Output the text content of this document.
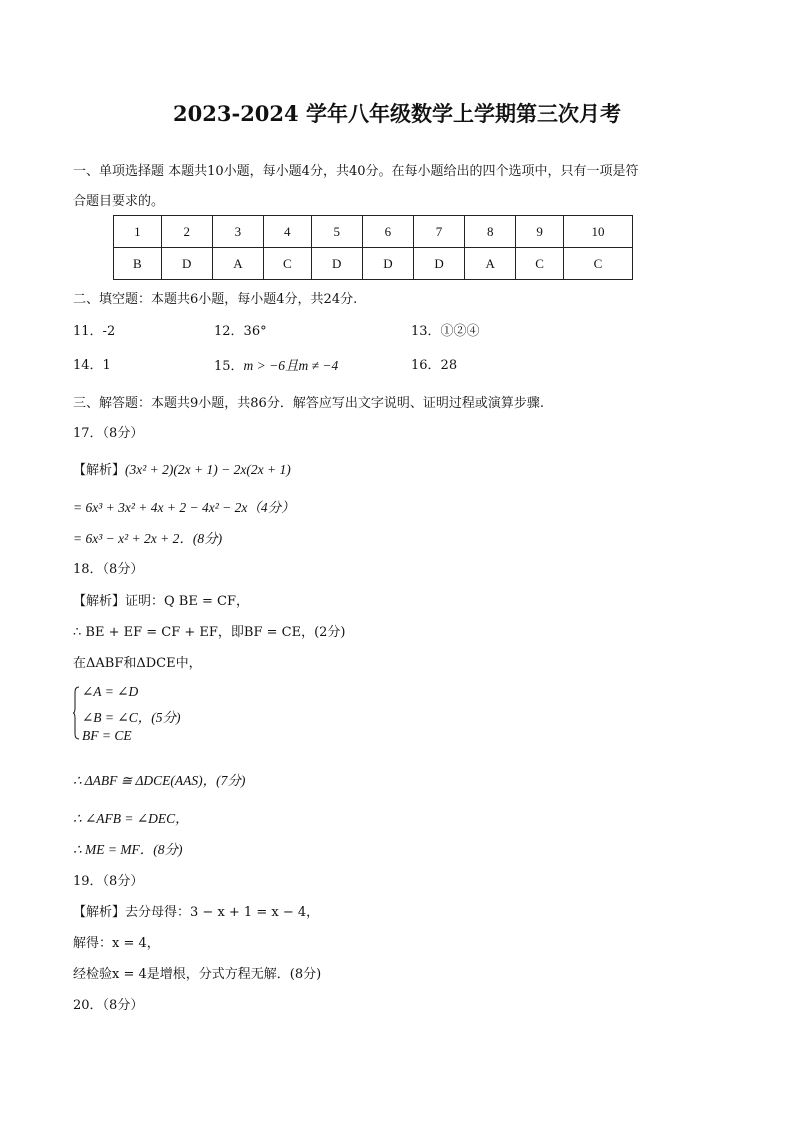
2023-2024 学年八年级数学上学期第三次月考
一、单项选择题 本题共10小题，每小题4分，共40分。在每小题给出的四个选项中，只有一项是符
合题目要求的。
1	2	3	4	5	6	7	8	9	10
B	D	A	C	D	D	D	A	C	C
二、填空题：本题共6小题，每小题4分，共24分.
11．-2	12．36°	13．①②④
14．1	15．m > −6且m ≠ −4	16．28
三、解答题：本题共9小题，共86分．解答应写出文字说明、证明过程或演算步骤.
17．（8分）
【解析】(3x² + 2)(2x + 1) − 2x(2x + 1)
= 6x³ + 3x² + 4x + 2 − 4x² − 2x（4分）
= 6x³ − x² + 2x + 2．(8分)
18．（8分）
【解析】证明：Q BE = CF，
∴ BE + EF = CF + EF，即BF = CE，(2分)
在ΔABF和ΔDCE中，
∠A = ∠D
∠B = ∠C，(5分)
BF = CE
∴ ΔABF ≅ ΔDCE(AAS)，(7分)
∴ ∠AFB = ∠DEC，
∴ ME = MF．(8分)
19．（8分）
【解析】去分母得：3 − x + 1 = x − 4，
解得：x = 4，
经检验x = 4是增根，分式方程无解．(8分)
20．（8分）
